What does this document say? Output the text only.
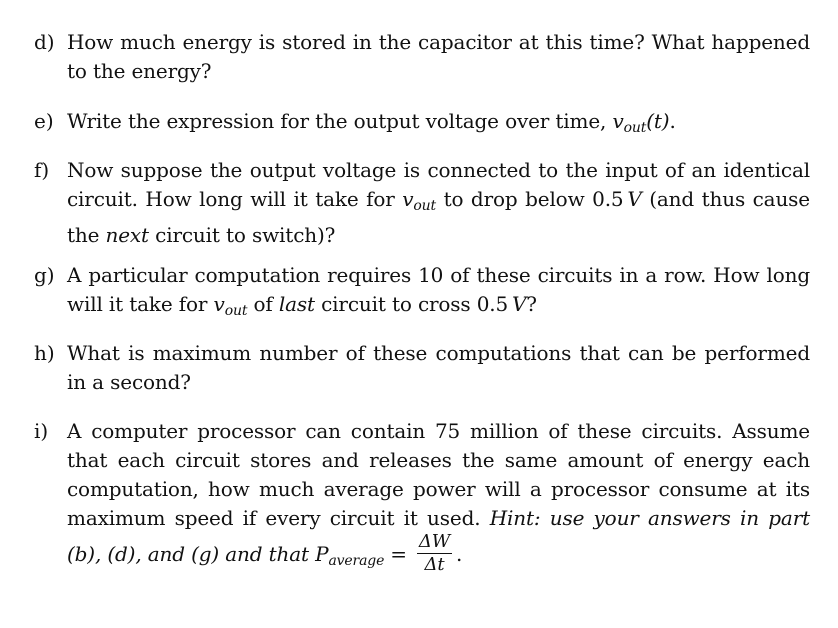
d) How much energy is stored in the capacitor at this time? What happened to the energy?
e) Write the expression for the output voltage over time, $v_{out}(t)$.
f) Now suppose the output voltage is connected to the input of an identical circuit. How long will it take for $v_{out}$ to drop below 0.5  V (and thus cause the next circuit to switch)?
g) A particular computation requires 10 of these circuits in a row. How long will it take for $v_{out}$ of last circuit to cross 0.5  V?
h) What is maximum number of these computations that can be performed in a second?
i) A computer processor can contain 75 million of these circuits. Assume that each circuit stores and releases the same amount of energy each computation, how much average power will a processor consume at its maximum speed if every circuit it used. Hint: use your answers in part (b), (d), and (g) and that $P_{average} = \frac{\Delta W}{\Delta t}$ .
